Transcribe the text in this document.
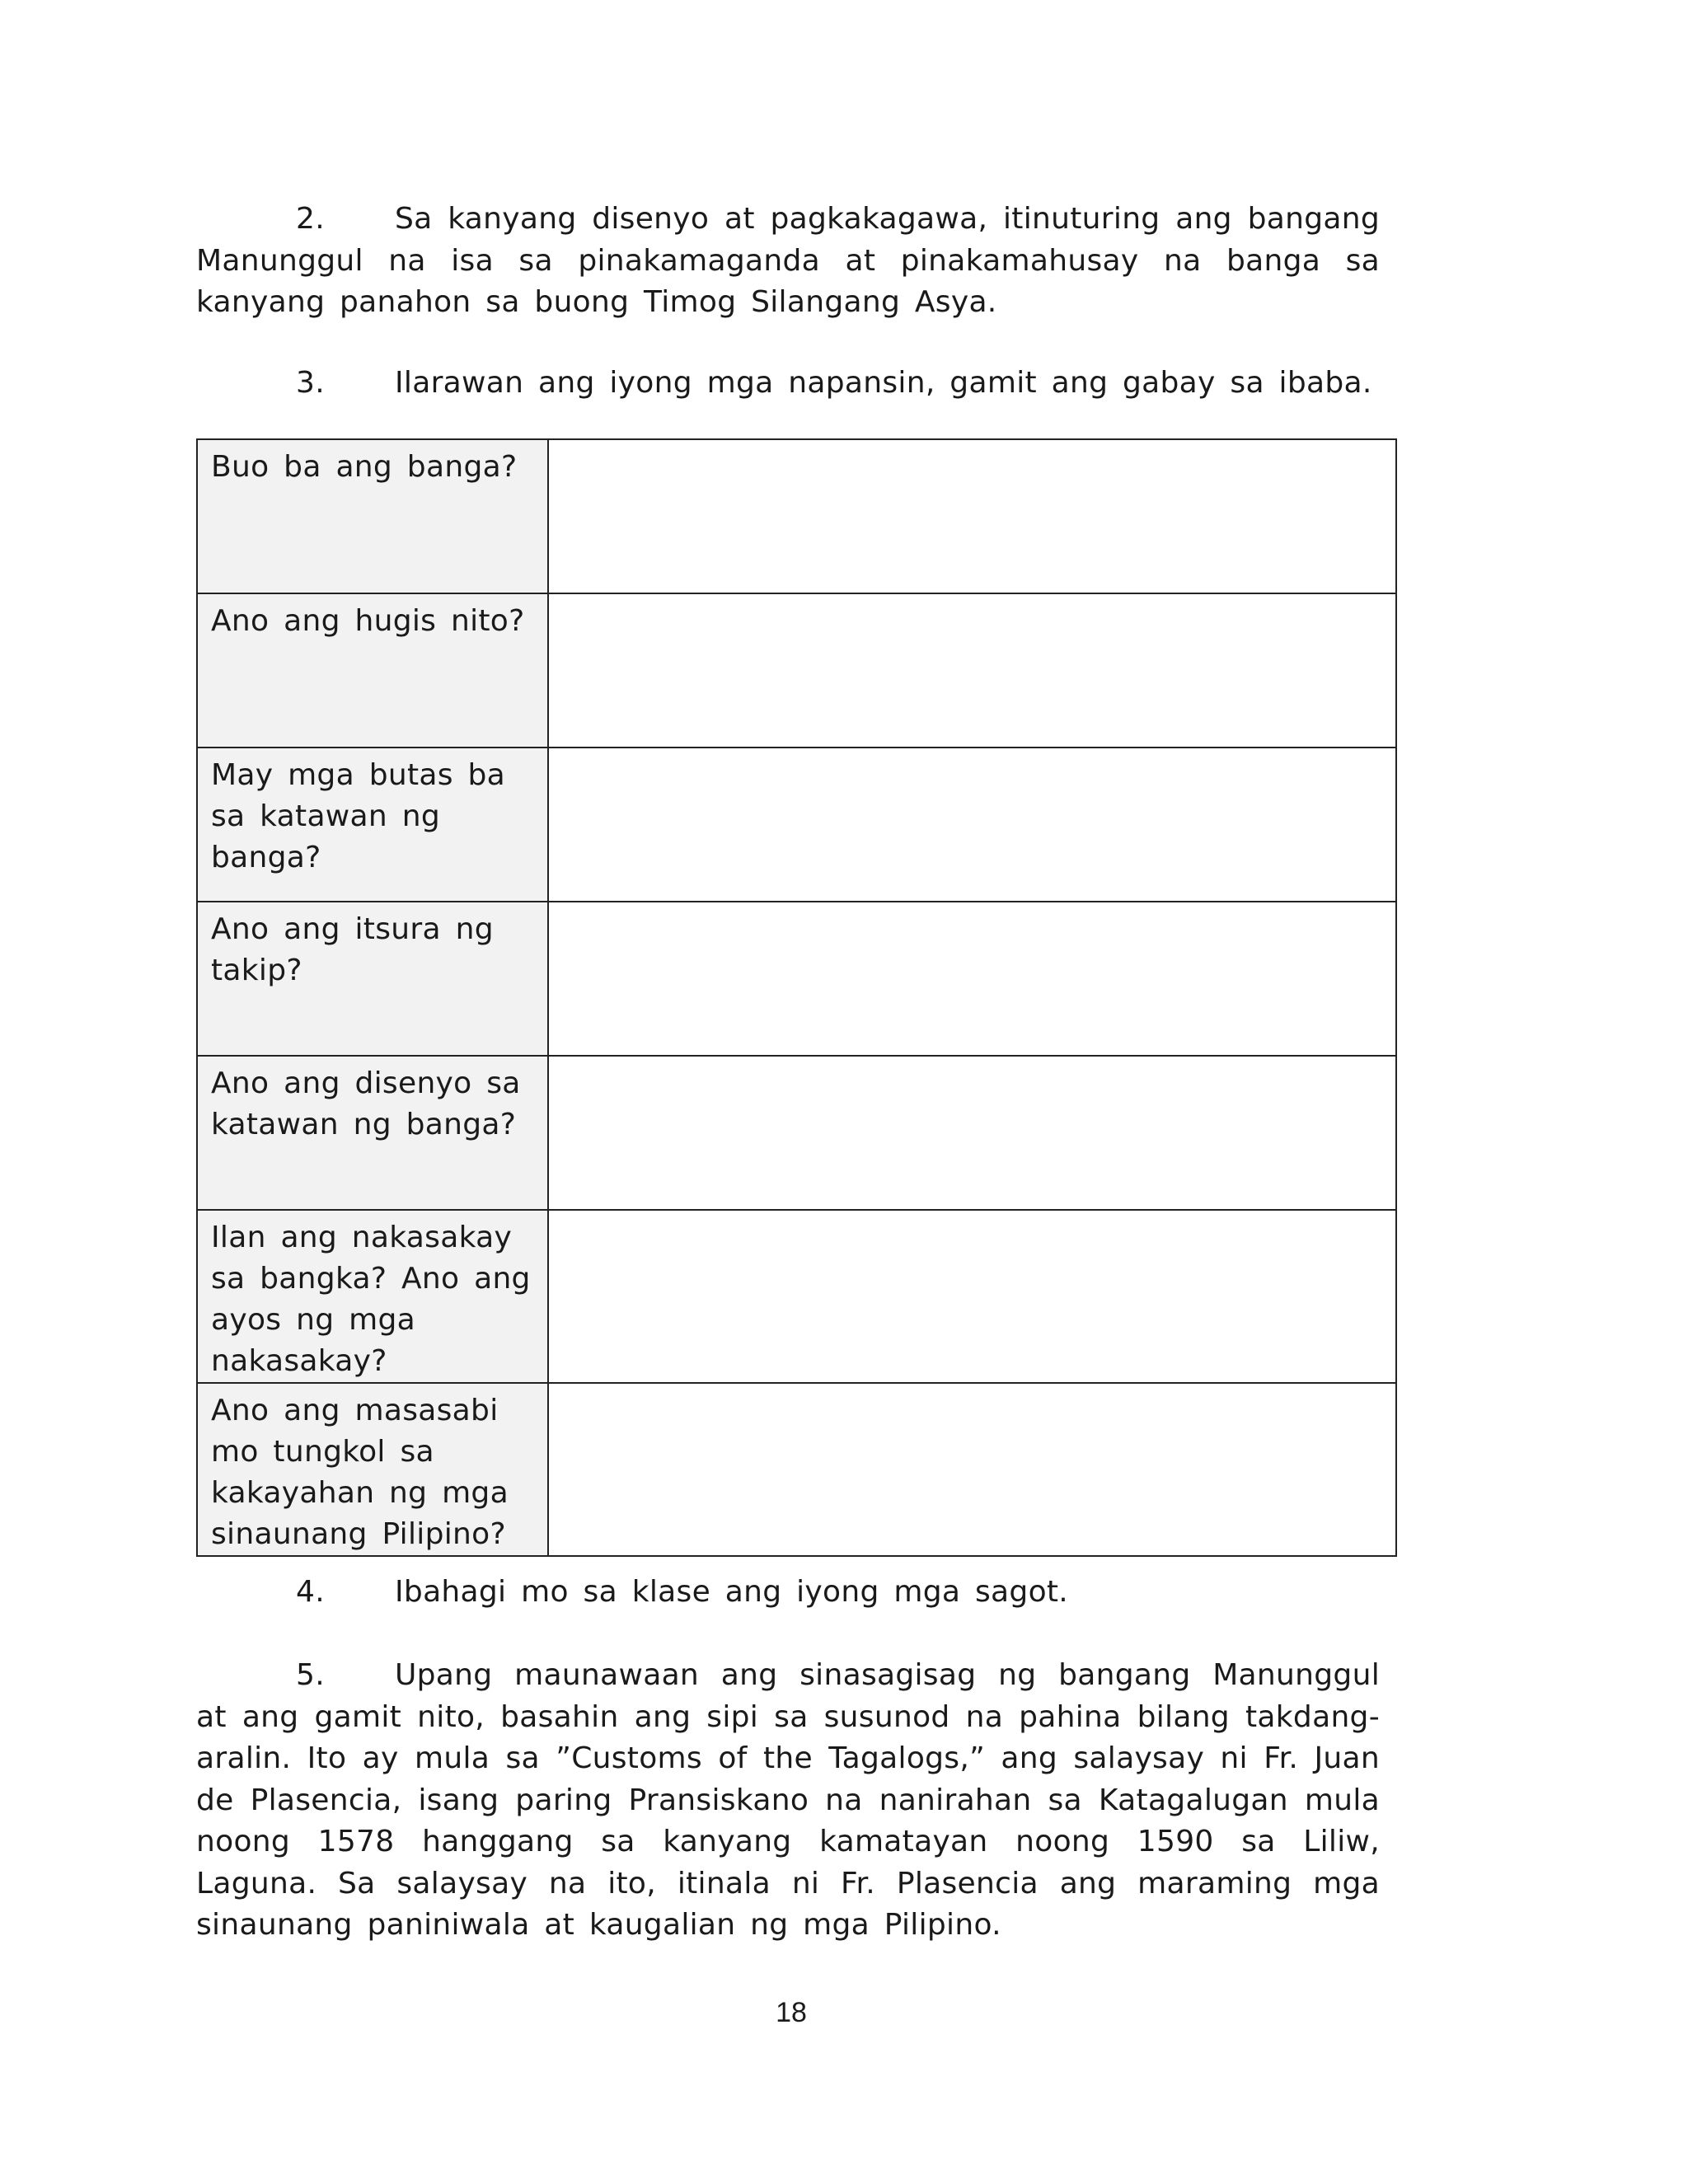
2. Sa kanyang disenyo at pagkakagawa, itinuturing ang bangang Manunggul na isa sa pinakamaganda at pinakamahusay na banga sa kanyang panahon sa buong Timog Silangang Asya.

3. Ilarawan ang iyong mga napansin, gamit ang gabay sa ibaba.

Buo ba ang banga?	
Ano ang hugis nito?	
May mga butas ba sa katawan ng banga?	
Ano ang itsura ng takip?	
Ano ang disenyo sa katawan ng banga?	
Ilan ang nakasakay sa bangka? Ano ang ayos ng mga nakasakay?	
Ano ang masasabi mo tungkol sa kakayahan ng mga sinaunang Pilipino?	

4. Ibahagi mo sa klase ang iyong mga sagot.

5. Upang maunawaan ang sinasagisag ng bangang Manunggul at ang gamit nito, basahin ang sipi sa susunod na pahina bilang takdang-aralin. Ito ay mula sa ”Customs of the Tagalogs,” ang salaysay ni Fr. Juan de Plasencia, isang paring Pransiskano na nanirahan sa Katagalugan mula noong 1578 hanggang sa kanyang kamatayan noong 1590 sa Liliw, Laguna. Sa salaysay na ito, itinala ni Fr. Plasencia ang maraming mga sinaunang paniniwala at kaugalian ng mga Pilipino.

18
